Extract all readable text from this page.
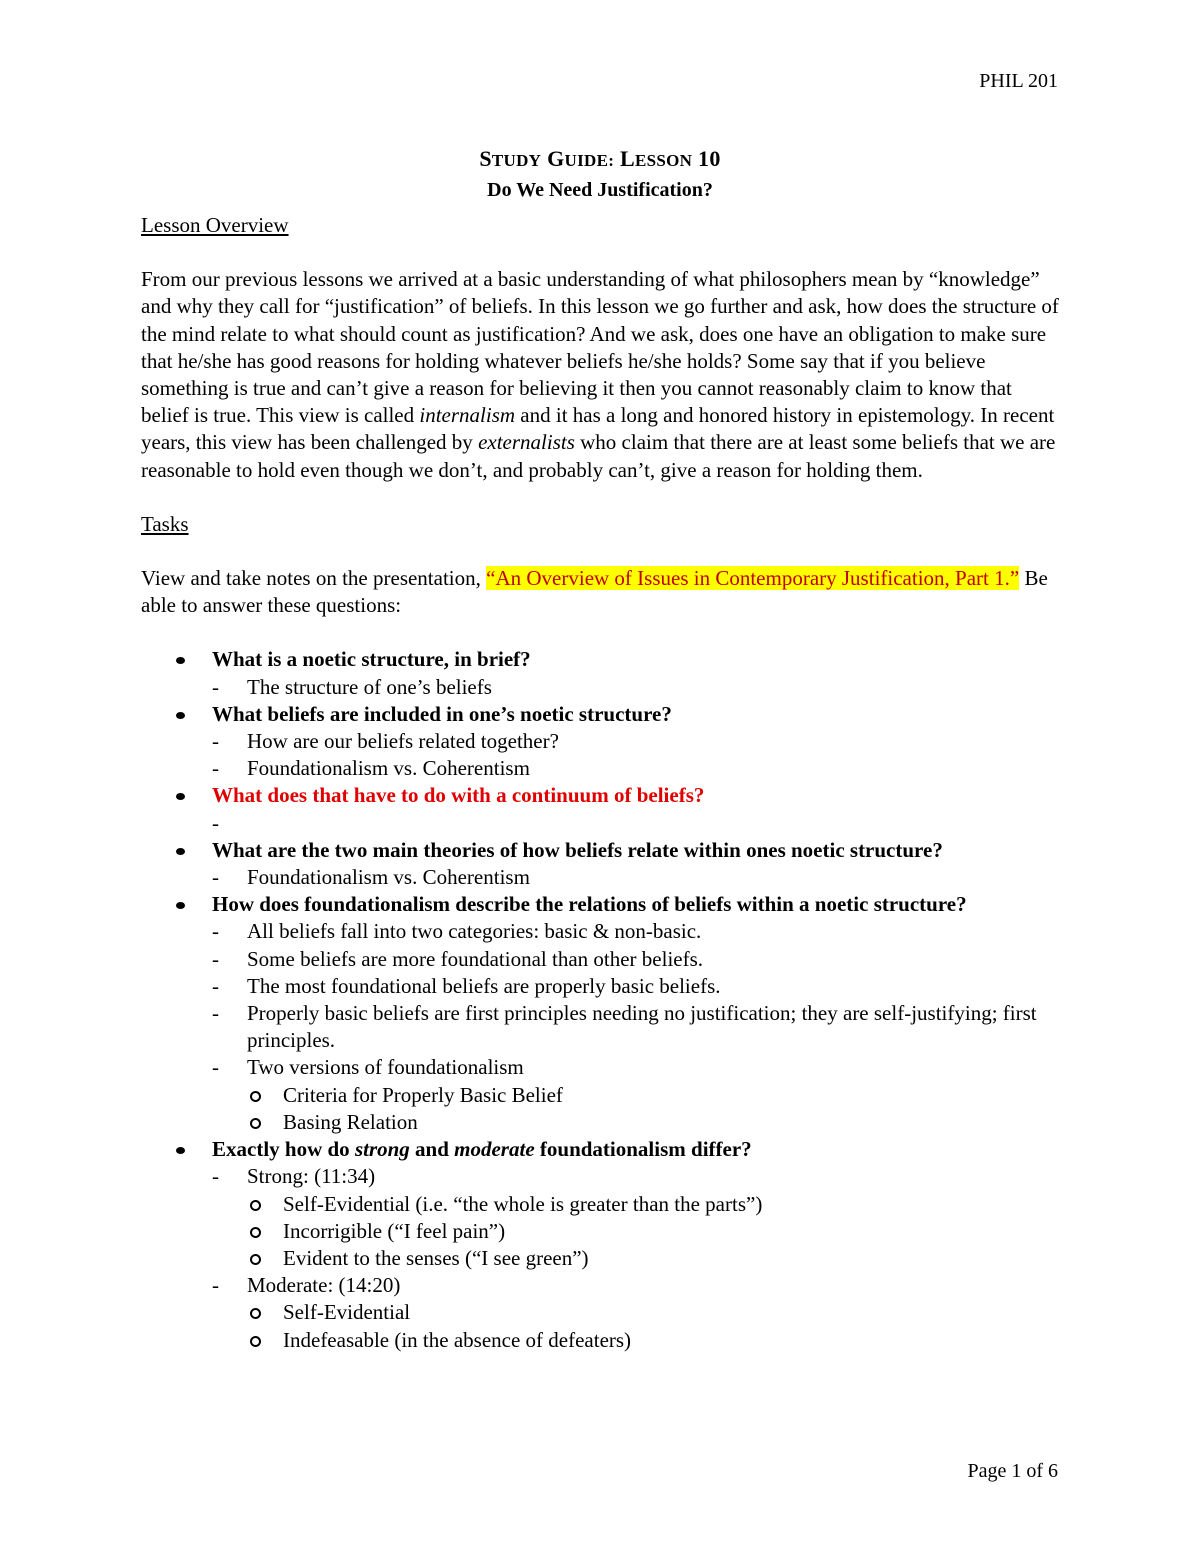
PHIL 201
STUDY GUIDE: LESSON 10
Do We Need Justification?

Lesson Overview

From our previous lessons we arrived at a basic understanding of what philosophers mean by “knowledge” and why they call for “justification” of beliefs. In this lesson we go further and ask, how does the structure of the mind relate to what should count as justification? And we ask, does one have an obligation to make sure that he/she has good reasons for holding whatever beliefs he/she holds? Some say that if you believe something is true and can’t give a reason for believing it then you cannot reasonably claim to know that belief is true. This view is called internalism and it has a long and honored history in epistemology. In recent years, this view has been challenged by externalists who claim that there are at least some beliefs that we are reasonable to hold even though we don’t, and probably can’t, give a reason for holding them.

Tasks

View and take notes on the presentation, “An Overview of Issues in Contemporary Justification, Part 1.” Be able to answer these questions:

What is a noetic structure, in brief?
- The structure of one’s beliefs
What beliefs are included in one’s noetic structure?
- How are our beliefs related together?
- Foundationalism vs. Coherentism
What does that have to do with a continuum of beliefs?
-

What are the two main theories of how beliefs relate within ones noetic structure?
- Foundationalism vs. Coherentism
How does foundationalism describe the relations of beliefs within a noetic structure?
- All beliefs fall into two categories: basic & non-basic.
- Some beliefs are more foundational than other beliefs.
- The most foundational beliefs are properly basic beliefs.
- Properly basic beliefs are first principles needing no justification; they are self-justifying; first principles.
- Two versions of foundationalism
Criteria for Properly Basic Belief
Basing Relation
Exactly how do strong and moderate foundationalism differ?
- Strong: (11:34)
Self-Evidential (i.e. “the whole is greater than the parts”)
Incorrigible (“I feel pain”)
Evident to the senses (“I see green”)
- Moderate: (14:20)
Self-Evidential
Indefeasable (in the absence of defeaters)
Page 1 of 6
